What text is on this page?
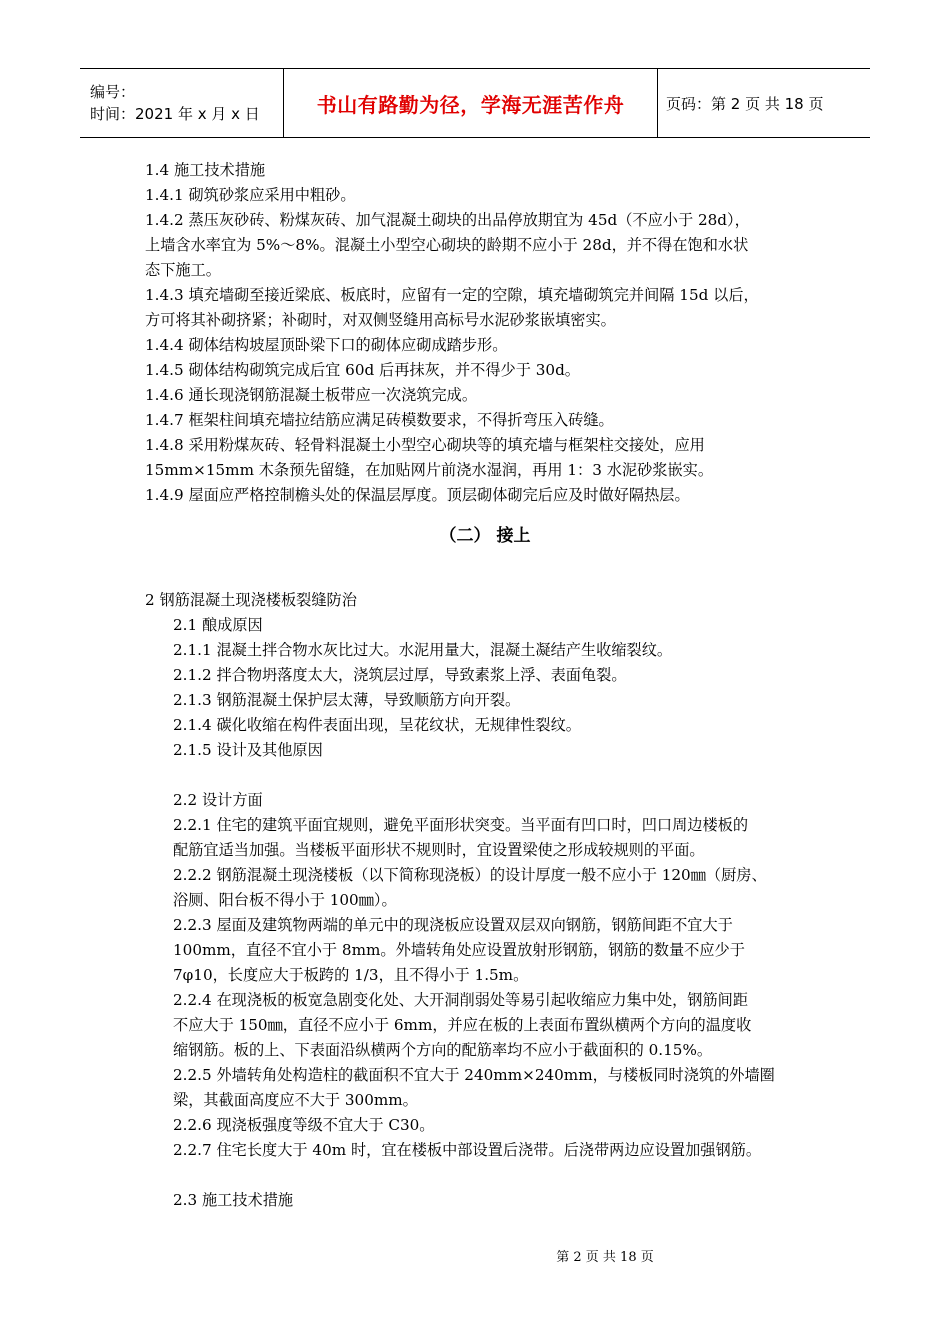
编号：
时间：2021 年 x 月 x 日	书山有路勤为径，学海无涯苦作舟	页码：第 2 页 共 18 页

1.4 施工技术措施

1.4.1 砌筑砂浆应采用中粗砂。

1.4.2 蒸压灰砂砖、粉煤灰砖、加气混凝土砌块的出品停放期宜为 45d（不应小于 28d），

上墙含水率宜为 5%～8%。混凝土小型空心砌块的龄期不应小于 28d，并不得在饱和水状

态下施工。

1.4.3 填充墙砌至接近梁底、板底时，应留有一定的空隙，填充墙砌筑完并间隔 15d 以后，

方可将其补砌挤紧；补砌时，对双侧竖缝用高标号水泥砂浆嵌填密实。

1.4.4 砌体结构坡屋顶卧梁下口的砌体应砌成踏步形。

1.4.5 砌体结构砌筑完成后宜 60d 后再抹灰，并不得少于 30d。

1.4.6 通长现浇钢筋混凝土板带应一次浇筑完成。

1.4.7 框架柱间填充墙拉结筋应满足砖模数要求，不得折弯压入砖缝。

1.4.8 采用粉煤灰砖、轻骨料混凝土小型空心砌块等的填充墙与框架柱交接处，应用

15mm×15mm 木条预先留缝，在加贴网片前浇水湿润，再用 1：3 水泥砂浆嵌实。

1.4.9 屋面应严格控制檐头处的保温层厚度。顶层砌体砌完后应及时做好隔热层。

（二） 接上

2 钢筋混凝土现浇楼板裂缝防治

2.1 酿成原因

2.1.1 混凝土拌合物水灰比过大。水泥用量大，混凝土凝结产生收缩裂纹。

2.1.2 拌合物坍落度太大，浇筑层过厚，导致素浆上浮、表面龟裂。

2.1.3 钢筋混凝土保护层太薄，导致顺筋方向开裂。

2.1.4 碳化收缩在构件表面出现，呈花纹状，无规律性裂纹。

2.1.5 设计及其他原因

2.2 设计方面

2.2.1 住宅的建筑平面宜规则，避免平面形状突变。当平面有凹口时，凹口周边楼板的

配筋宜适当加强。当楼板平面形状不规则时，宜设置梁使之形成较规则的平面。

2.2.2 钢筋混凝土现浇楼板（以下简称现浇板）的设计厚度一般不应小于 120㎜（厨房、

浴厕、阳台板不得小于 100㎜）。

2.2.3 屋面及建筑物两端的单元中的现浇板应设置双层双向钢筋，钢筋间距不宜大于

100mm，直径不宜小于 8mm。外墙转角处应设置放射形钢筋，钢筋的数量不应少于

7φ10，长度应大于板跨的 1/3，且不得小于 1.5m。

2.2.4 在现浇板的板宽急剧变化处、大开洞削弱处等易引起收缩应力集中处，钢筋间距

不应大于 150㎜，直径不应小于 6mm，并应在板的上表面布置纵横两个方向的温度收

缩钢筋。板的上、下表面沿纵横两个方向的配筋率均不应小于截面积的 0.15%。

2.2.5 外墙转角处构造柱的截面积不宜大于 240mm×240mm，与楼板同时浇筑的外墙圈

梁，其截面高度应不大于 300mm。

2.2.6 现浇板强度等级不宜大于 C30。

2.2.7 住宅长度大于 40m 时，宜在楼板中部设置后浇带。后浇带两边应设置加强钢筋。

2.3 施工技术措施

第 2 页 共 18 页
